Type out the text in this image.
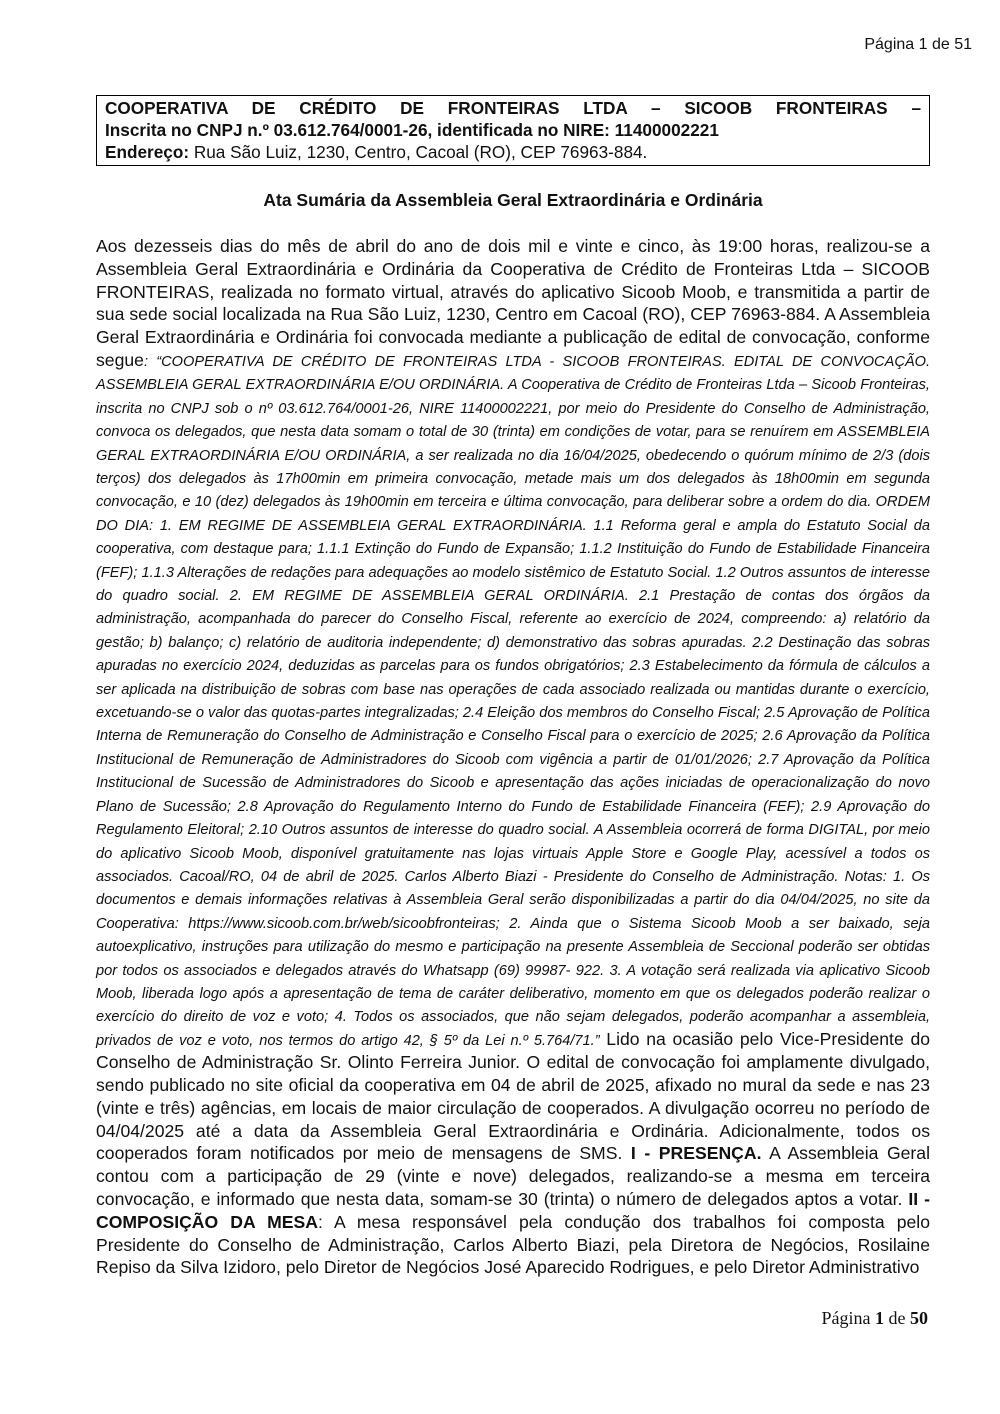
Página 1 de 51
COOPERATIVA DE CRÉDITO DE FRONTEIRAS LTDA – SICOOB FRONTEIRAS –
Inscrita no CNPJ n.º 03.612.764/0001-26, identificada no NIRE: 11400002221
Endereço: Rua São Luiz, 1230, Centro, Cacoal (RO), CEP 76963-884.
Ata Sumária da Assembleia Geral Extraordinária e Ordinária
Aos dezesseis dias do mês de abril do ano de dois mil e vinte e cinco, às 19:00 horas, realizou-se a Assembleia Geral Extraordinária e Ordinária da Cooperativa de Crédito de Fronteiras Ltda – SICOOB FRONTEIRAS, realizada no formato virtual, através do aplicativo Sicoob Moob, e transmitida a partir de sua sede social localizada na Rua São Luiz, 1230, Centro em Cacoal (RO), CEP 76963-884. A Assembleia Geral Extraordinária e Ordinária foi convocada mediante a publicação de edital de convocação, conforme segue: “COOPERATIVA DE CRÉDITO DE FRONTEIRAS LTDA - SICOOB FRONTEIRAS. EDITAL DE CONVOCAÇÃO. ASSEMBLEIA GERAL EXTRAORDINÁRIA E/OU ORDINÁRIA. A Cooperativa de Crédito de Fronteiras Ltda – Sicoob Fronteiras, inscrita no CNPJ sob o nº 03.612.764/0001-26, NIRE 11400002221, por meio do Presidente do Conselho de Administração, convoca os delegados, que nesta data somam o total de 30 (trinta) em condições de votar, para se renuírem em ASSEMBLEIA GERAL EXTRAORDINÁRIA E/OU ORDINÁRIA, a ser realizada no dia 16/04/2025, obedecendo o quórum mínimo de 2/3 (dois terços) dos delegados às 17h00min em primeira convocação, metade mais um dos delegados às 18h00min em segunda convocação, e 10 (dez) delegados às 19h00min em terceira e última convocação, para deliberar sobre a ordem do dia. ORDEM DO DIA: 1. EM REGIME DE ASSEMBLEIA GERAL EXTRAORDINÁRIA. 1.1 Reforma geral e ampla do Estatuto Social da cooperativa, com destaque para; 1.1.1 Extinção do Fundo de Expansão; 1.1.2 Instituição do Fundo de Estabilidade Financeira (FEF); 1.1.3 Alterações de redações para adequações ao modelo sistêmico de Estatuto Social. 1.2 Outros assuntos de interesse do quadro social. 2. EM REGIME DE ASSEMBLEIA GERAL ORDINÁRIA. 2.1 Prestação de contas dos órgãos da administração, acompanhada do parecer do Conselho Fiscal, referente ao exercício de 2024, compreendo: a) relatório da gestão; b) balanço; c) relatório de auditoria independente; d) demonstrativo das sobras apuradas. 2.2 Destinação das sobras apuradas no exercício 2024, deduzidas as parcelas para os fundos obrigatórios; 2.3 Estabelecimento da fórmula de cálculos a ser aplicada na distribuição de sobras com base nas operações de cada associado realizada ou mantidas durante o exercício, excetuando-se o valor das quotas-partes integralizadas; 2.4 Eleição dos membros do Conselho Fiscal; 2.5 Aprovação de Política Interna de Remuneração do Conselho de Administração e Conselho Fiscal para o exercício de 2025; 2.6 Aprovação da Política Institucional de Remuneração de Administradores do Sicoob com vigência a partir de 01/01/2026; 2.7 Aprovação da Política Institucional de Sucessão de Administradores do Sicoob e apresentação das ações iniciadas de operacionalização do novo Plano de Sucessão; 2.8 Aprovação do Regulamento Interno do Fundo de Estabilidade Financeira (FEF); 2.9 Aprovação do Regulamento Eleitoral; 2.10 Outros assuntos de interesse do quadro social. A Assembleia ocorrerá de forma DIGITAL, por meio do aplicativo Sicoob Moob, disponível gratuitamente nas lojas virtuais Apple Store e Google Play, acessível a todos os associados. Cacoal/RO, 04 de abril de 2025. Carlos Alberto Biazi - Presidente do Conselho de Administração. Notas: 1. Os documentos e demais informações relativas à Assembleia Geral serão disponibilizadas a partir do dia 04/04/2025, no site da Cooperativa: https://www.sicoob.com.br/web/sicoobfronteiras; 2. Ainda que o Sistema Sicoob Moob a ser baixado, seja autoexplicativo, instruções para utilização do mesmo e participação na presente Assembleia de Seccional poderão ser obtidas por todos os associados e delegados através do Whatsapp (69) 99987- 922. 3. A votação será realizada via aplicativo Sicoob Moob, liberada logo após a apresentação de tema de caráter deliberativo, momento em que os delegados poderão realizar o exercício do direito de voz e voto; 4. Todos os associados, que não sejam delegados, poderão acompanhar a assembleia, privados de voz e voto, nos termos do artigo 42, § 5º da Lei n.º 5.764/71.” Lido na ocasião pelo Vice-Presidente do Conselho de Administração Sr. Olinto Ferreira Junior. O edital de convocação foi amplamente divulgado, sendo publicado no site oficial da cooperativa em 04 de abril de 2025, afixado no mural da sede e nas 23 (vinte e três) agências, em locais de maior circulação de cooperados. A divulgação ocorreu no período de 04/04/2025 até a data da Assembleia Geral Extraordinária e Ordinária. Adicionalmente, todos os cooperados foram notificados por meio de mensagens de SMS. I - PRESENÇA. A Assembleia Geral contou com a participação de 29 (vinte e nove) delegados, realizando-se a mesma em terceira convocação, e informado que nesta data, somam-se 30 (trinta) o número de delegados aptos a votar. II - COMPOSIÇÃO DA MESA: A mesa responsável pela condução dos trabalhos foi composta pelo Presidente do Conselho de Administração, Carlos Alberto Biazi, pela Diretora de Negócios, Rosilaine Repiso da Silva Izidoro, pelo Diretor de Negócios José Aparecido Rodrigues, e pelo Diretor Administrativo
Página 1 de 50
